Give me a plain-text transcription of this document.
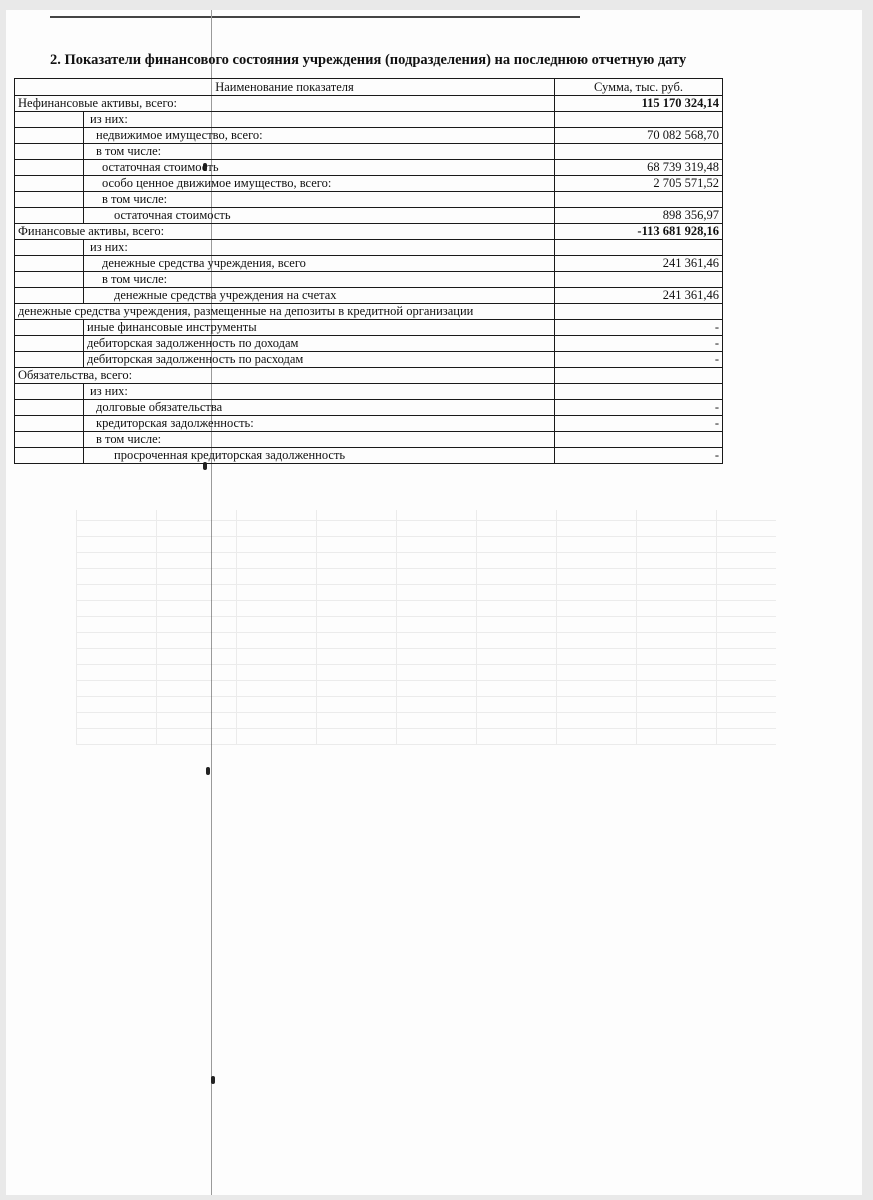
2. Показатели финансового состояния учреждения (подразделения) на последнюю отчетную дату
Наименование показателя		Сумма, тыс. руб.
Нефинансовые активы, всего:		115 170 324,14
	из них:	
	недвижимое имущество, всего:	70 082 568,70
	в том числе:	
	остаточная стоимость	68 739 319,48
	особо ценное движимое имущество, всего:	2 705 571,52
	в том числе:	
	остаточная стоимость	898 356,97
Финансовые активы, всего:		-113 681 928,16
	из них:	
	денежные средства учреждения, всего	241 361,46
	в том числе:	
	денежные средства учреждения на счетах	241 361,46
денежные средства учреждения, размещенные на депозиты в кредитной организации		
	иные финансовые инструменты	-
	дебиторская задолженность по доходам	-
	дебиторская задолженность по расходам	-
Обязательства, всего:		
	из них:	
	долговые обязательства	-
	кредиторская задолженность:	-
	в том числе:	
	просроченная кредиторская задолженность	-
